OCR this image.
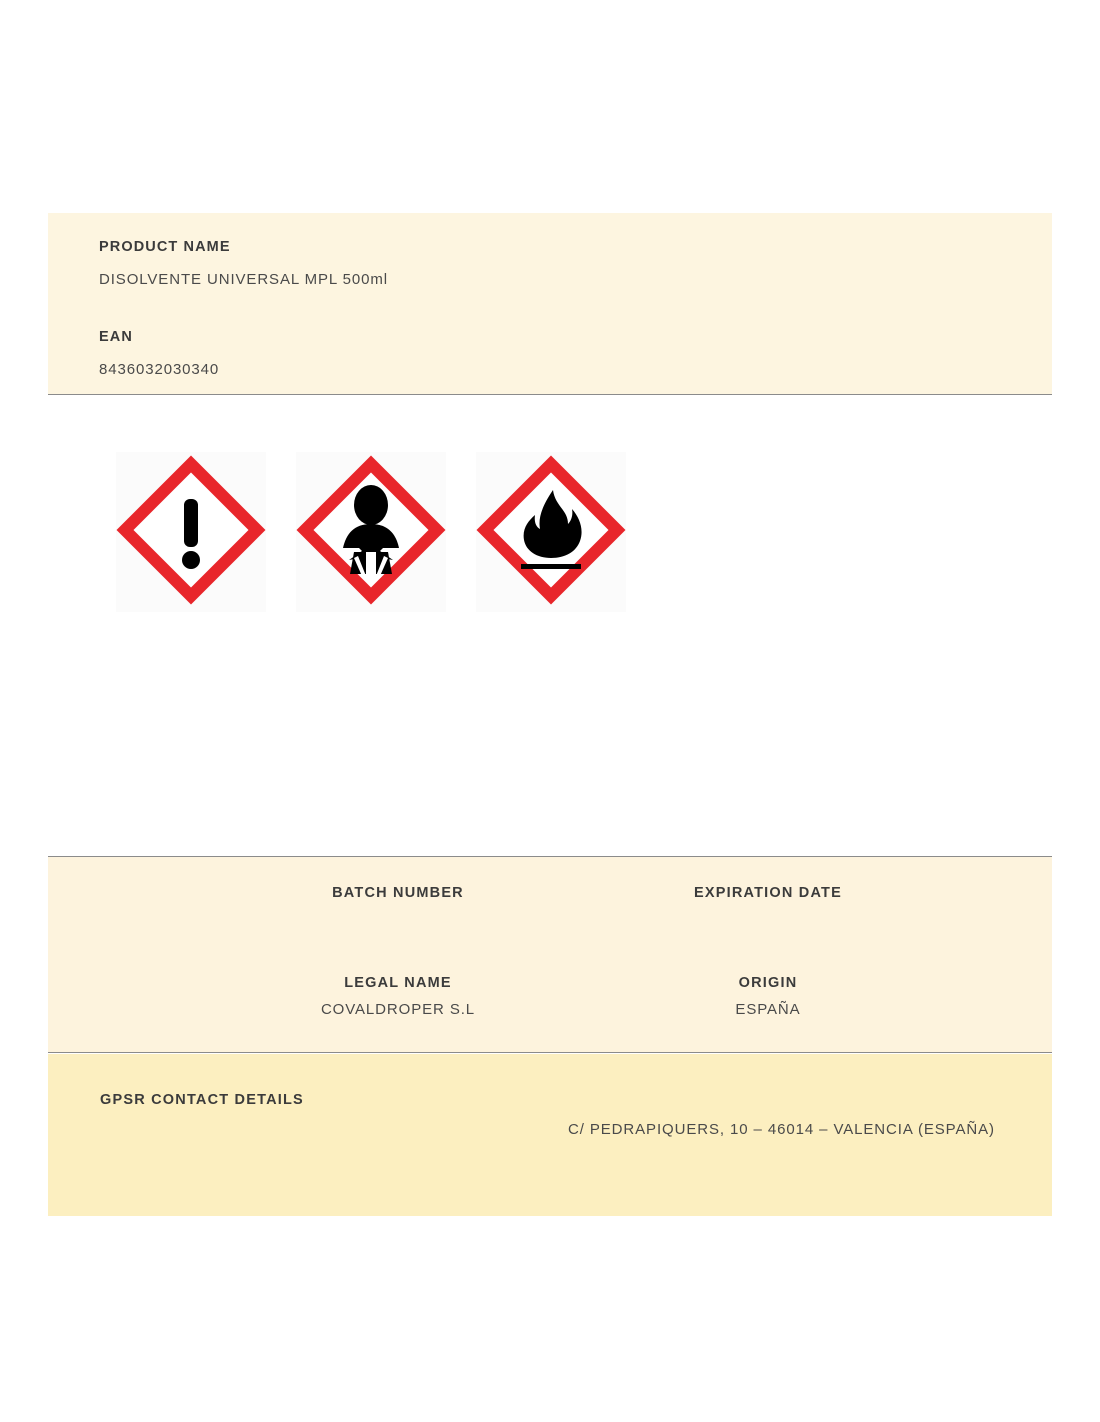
PRODUCT NAME
DISOLVENTE UNIVERSAL MPL 500ml
EAN
8436032030340
BATCH NUMBER	EXPIRATION DATE
LEGAL NAME
COVALDROPER S.L
ORIGIN
ESPAÑA
GPSR CONTACT DETAILS
C/ PEDRAPIQUERS, 10 – 46014 – VALENCIA (ESPAÑA)
